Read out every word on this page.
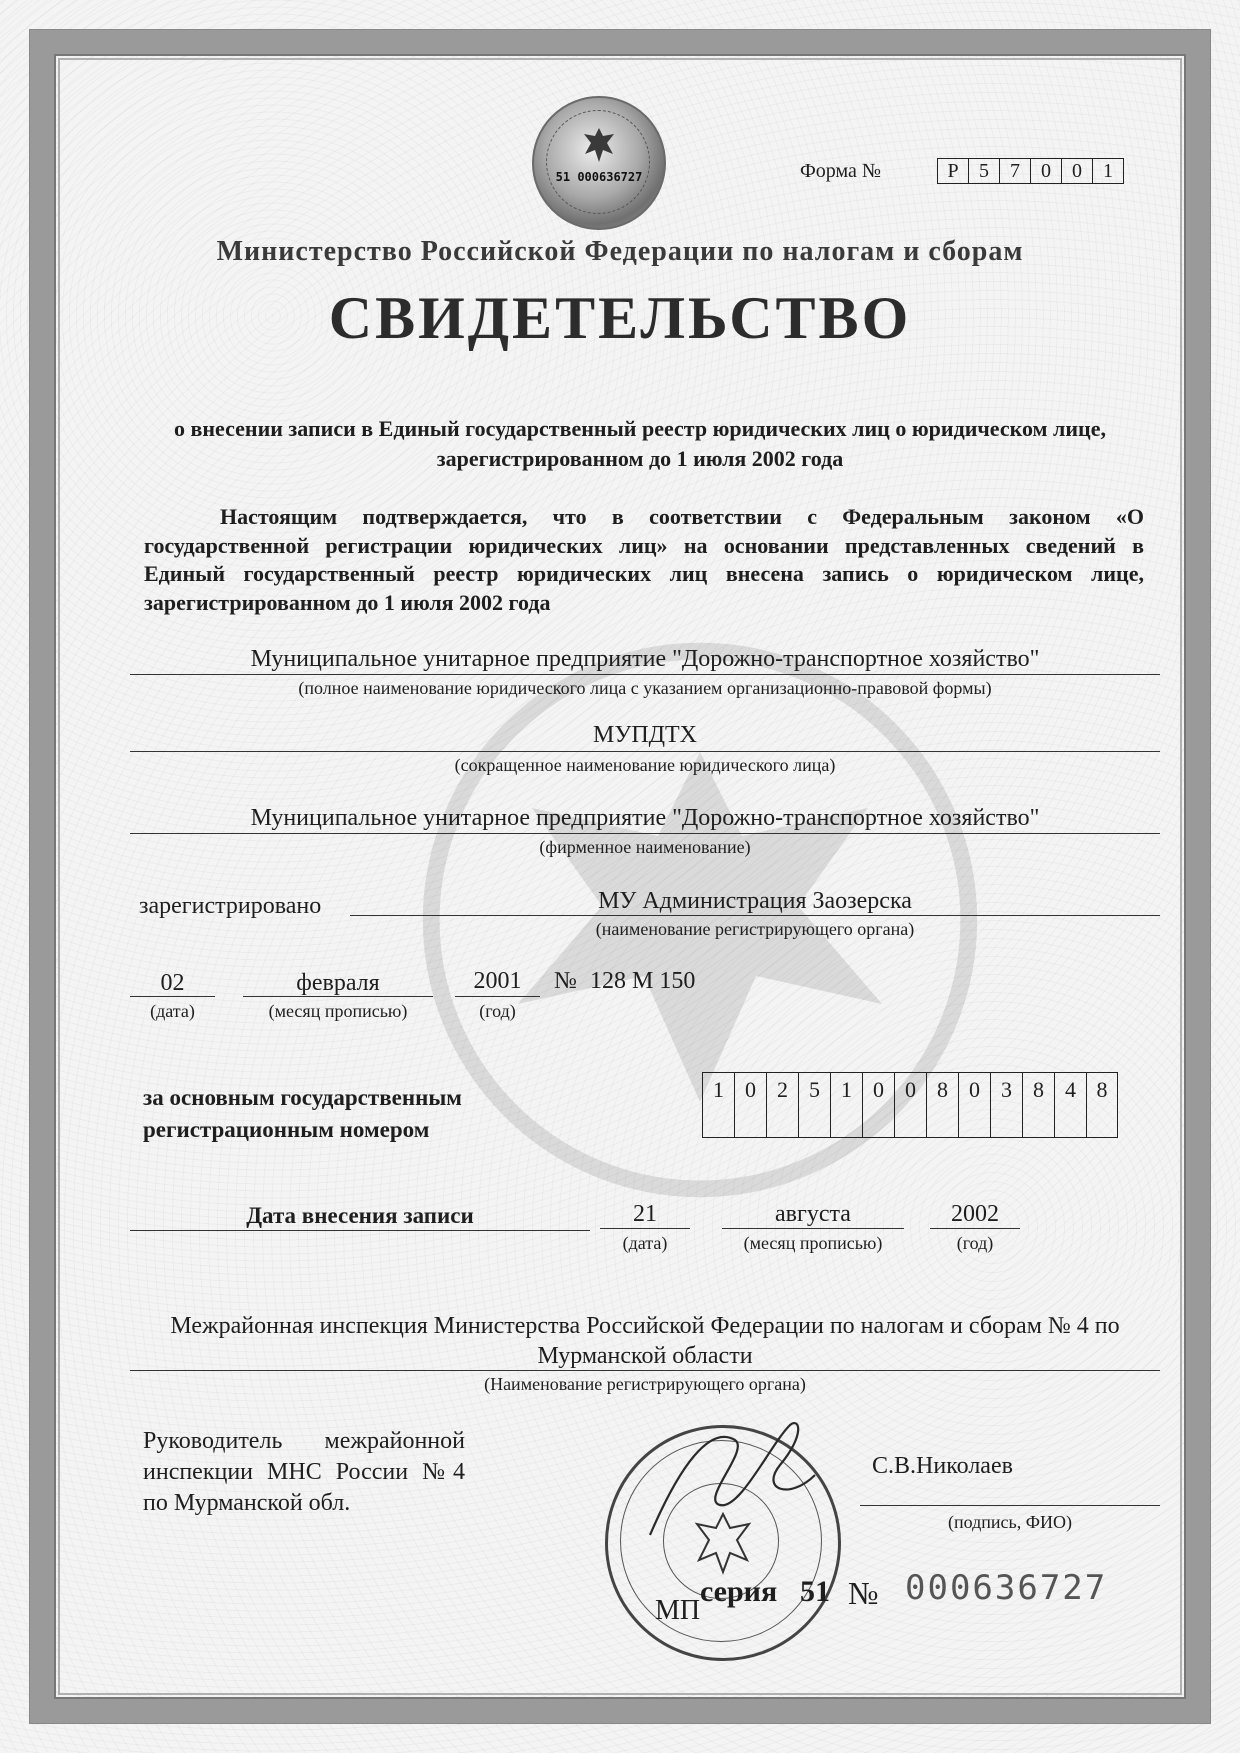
51 000636727	Форма №	Р	5	7	0	0	1
Министерство Российской Федерации по налогам и сборам
СВИДЕТЕЛЬСТВО
о внесении записи в Единый государственный реестр юридических лиц о юридическом лице, зарегистрированном до 1 июля 2002 года
Настоящим подтверждается, что в соответствии с Федеральным законом «О государственной регистрации юридических лиц» на основании представленных сведений в Единый государственный реестр юридических лиц внесена запись о юридическом лице, зарегистрированном до 1 июля 2002 года
Муниципальное унитарное предприятие "Дорожно-транспортное хозяйство"
(полное наименование юридического лица с указанием организационно-правовой формы)
МУПДТХ
(сокращенное наименование юридического лица)
Муниципальное унитарное предприятие "Дорожно-транспортное хозяйство"
(фирменное наименование)
зарегистрировано	МУ Администрация Заозерска
(наименование регистрирующего органа)
02
(дата)
февраля
(месяц прописью)
2001
(год)
№ 128 М 150
за основным государственным
регистрационным номером
1 0 2 5 1 0 0 8 0 3 8 4 8
Дата внесения записи	21
(дата)
августа
(месяц прописью)
2002
(год)
Межрайонная инспекция Министерства Российской Федерации по налогам и сборам № 4 по
Мурманской области
(Наименование регистрирующего органа)
Руководитель межрайонной
инспекции МНС России №4
по Мурманской обл.
С.В.Николаев
(подпись, ФИО)
МП
серия 51 № 000636727
